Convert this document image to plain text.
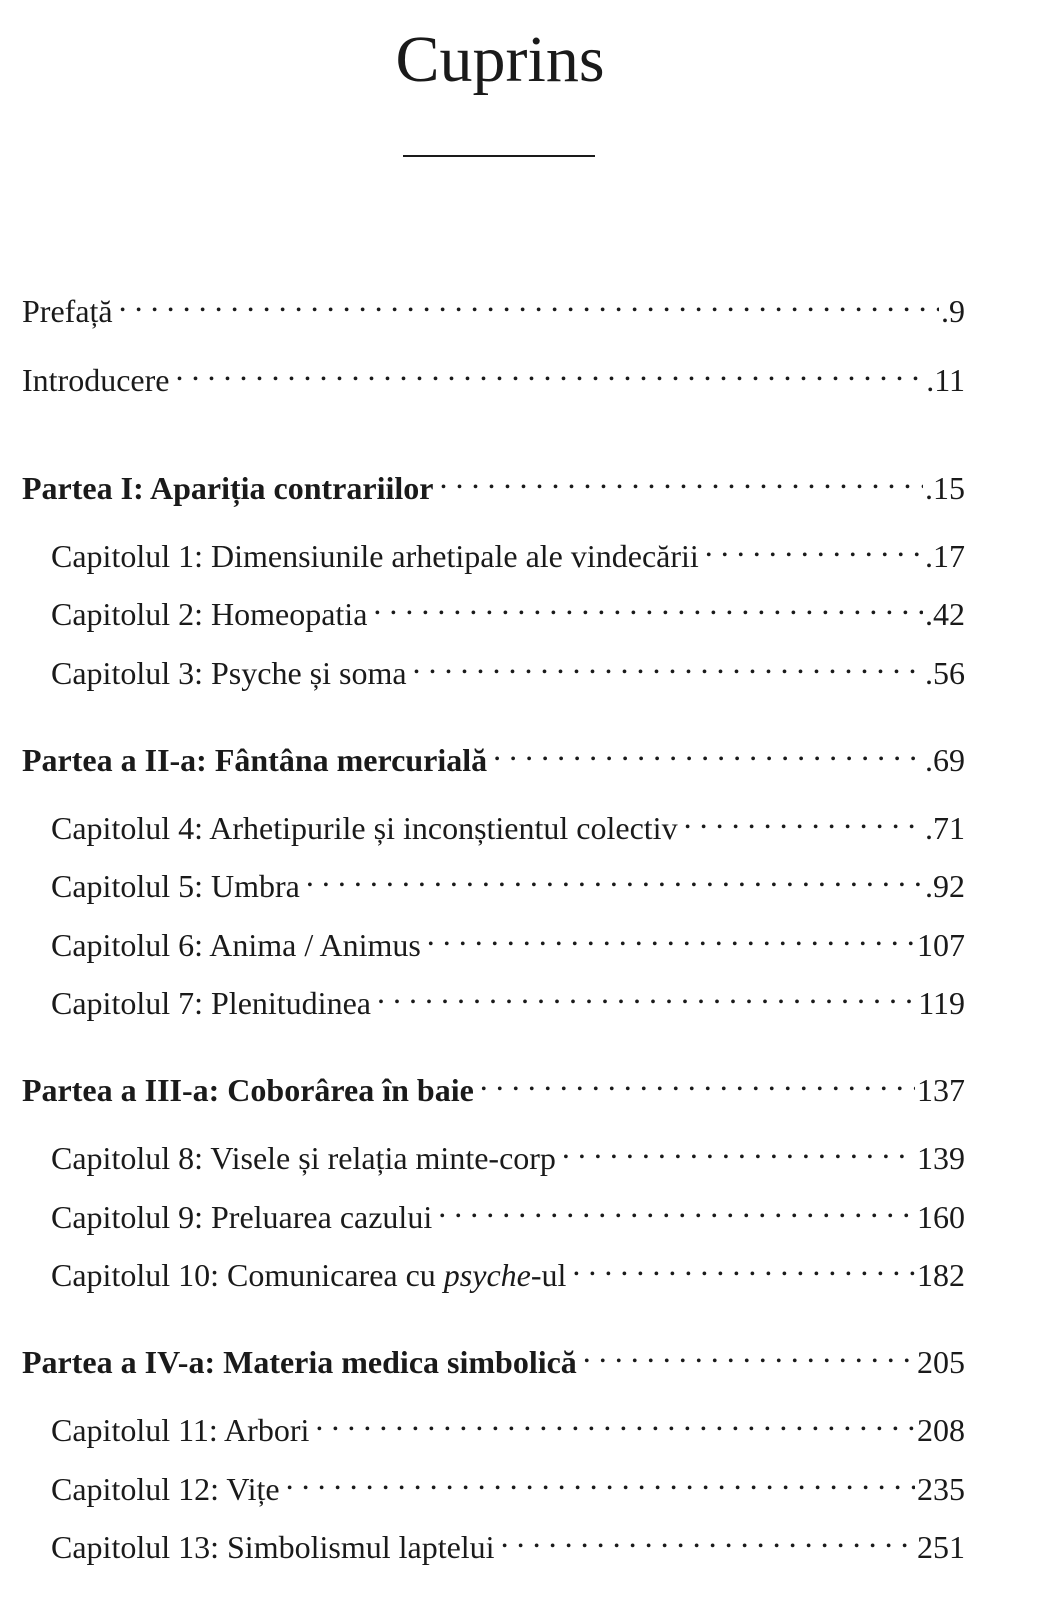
Cuprins
Prefață . . .	.9
Introducere . . .	.11
Partea I: Apariția contrariilor . . .	.15
Capitolul 1: Dimensiunile arhetipale ale vindecării . . .	.17
Capitolul 2: Homeopatia . . .	.42
Capitolul 3: Psyche și soma . . .	.56
Partea a II-a: Fântâna mercurială . . .	.69
Capitolul 4: Arhetipurile și inconștientul colectiv . . .	.71
Capitolul 5: Umbra . . .	.92
Capitolul 6: Anima / Animus . . .	107
Capitolul 7: Plenitudinea . . .	119
Partea a III-a: Coborârea în baie . . .	137
Capitolul 8: Visele și relația minte-corp . . .	139
Capitolul 9: Preluarea cazului . . .	160
Capitolul 10: Comunicarea cu psyche-ul . . .	182
Partea a IV-a: Materia medica simbolică . . .	205
Capitolul 11: Arbori . . .	208
Capitolul 12: Vițe . . .	235
Capitolul 13: Simbolismul laptelui . . .	251
